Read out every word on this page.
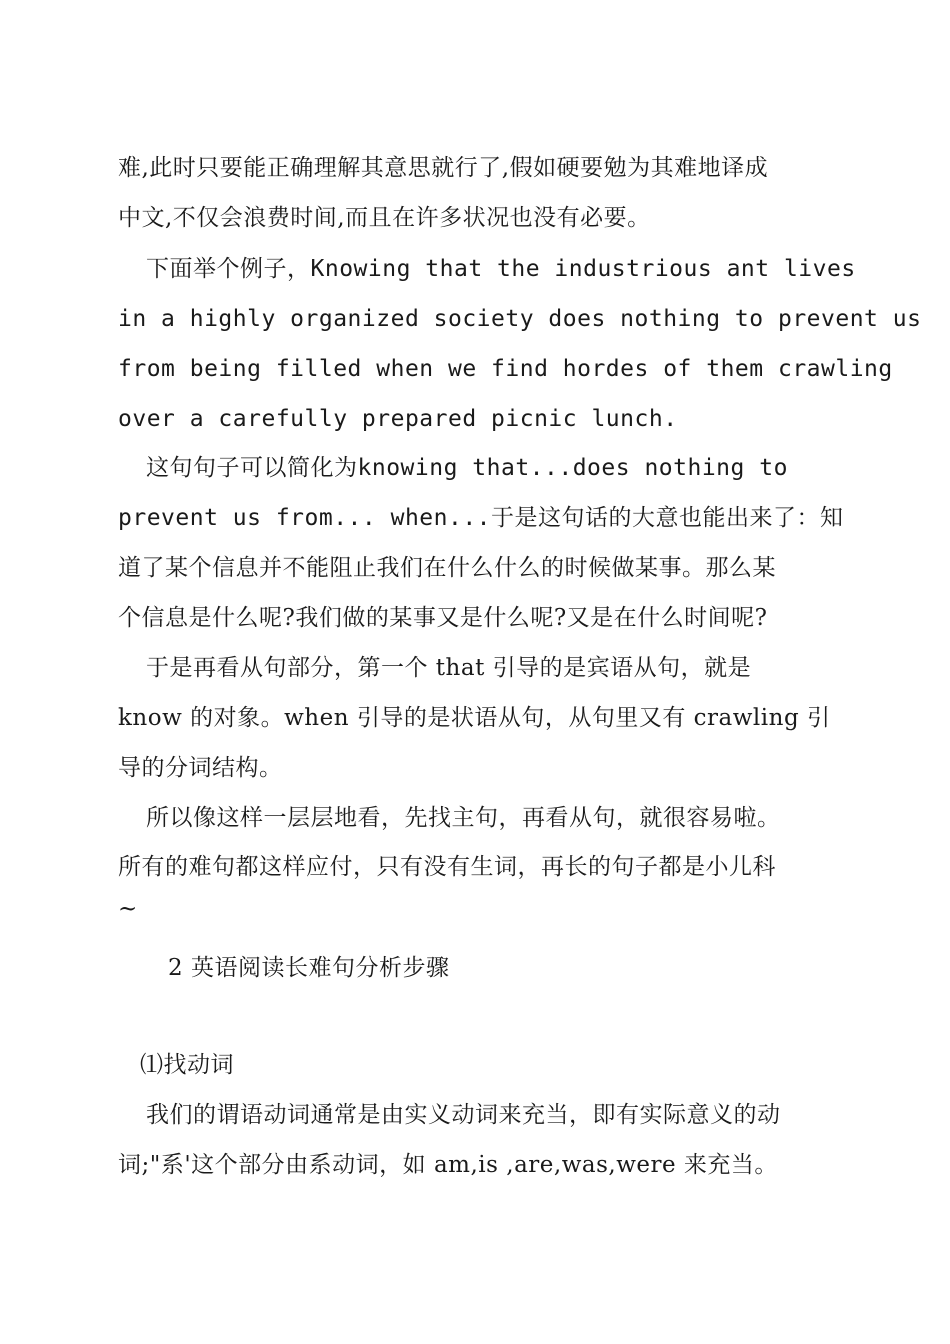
难,此时只要能正确理解其意思就行了,假如硬要勉为其难地译成
中文,不仅会浪费时间,而且在许多状况也没有必要。
下面举个例子，Knowing that the industrious ant lives
in a highly organized society does nothing to prevent us
from being filled when we find hordes of them crawling
over a carefully prepared picnic lunch.
这句句子可以简化为knowing that...does nothing to
prevent us from... when...于是这句话的大意也能出来了：知
道了某个信息并不能阻止我们在什么什么的时候做某事。那么某
个信息是什么呢?我们做的某事又是什么呢?又是在什么时间呢?
于是再看从句部分，第一个 that 引导的是宾语从句，就是
know 的对象。when 引导的是状语从句，从句里又有 crawling 引
导的分词结构。
所以像这样一层层地看，先找主句，再看从句，就很容易啦。
所有的难句都这样应付，只有没有生词，再长的句子都是小儿科
~
2 英语阅读长难句分析步骤
⑴找动词
我们的谓语动词通常是由实义动词来充当，即有实际意义的动
词;"系'这个部分由系动词，如 am,is ,are,was,were 来充当。
